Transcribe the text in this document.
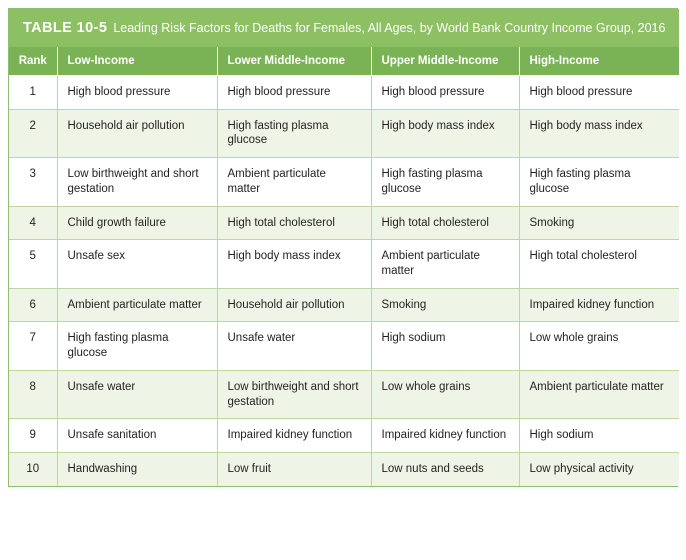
TABLE 10-5 Leading Risk Factors for Deaths for Females, All Ages, by World Bank Country Income Group, 2016				
Rank	Low-Income	Lower Middle-Income	Upper Middle-Income	High-Income
1	High blood pressure	High blood pressure	High blood pressure	High blood pressure
2	Household air pollution	High fasting plasma glucose	High body mass index	High body mass index
3	Low birthweight and short gestation	Ambient particulate matter	High fasting plasma glucose	High fasting plasma glucose
4	Child growth failure	High total cholesterol	High total cholesterol	Smoking
5	Unsafe sex	High body mass index	Ambient particulate matter	High total cholesterol
6	Ambient particulate matter	Household air pollution	Smoking	Impaired kidney function
7	High fasting plasma glucose	Unsafe water	High sodium	Low whole grains
8	Unsafe water	Low birthweight and short gestation	Low whole grains	Ambient particulate matter
9	Unsafe sanitation	Impaired kidney function	Impaired kidney function	High sodium
10	Handwashing	Low fruit	Low nuts and seeds	Low physical activity
